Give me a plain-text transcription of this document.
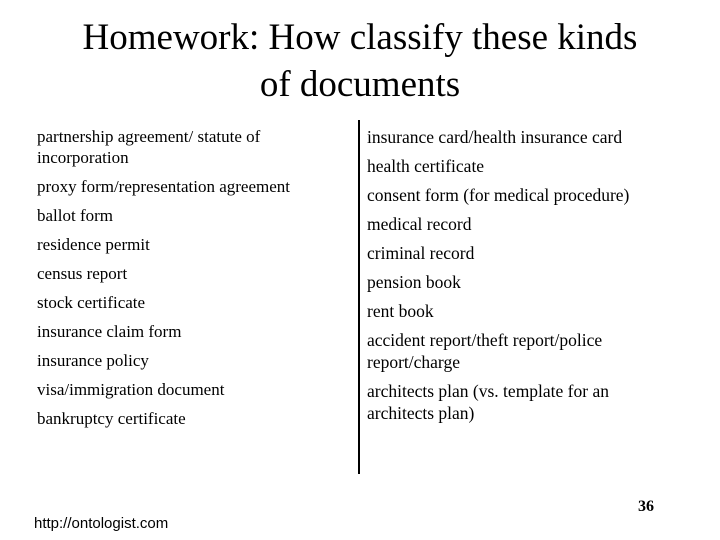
Homework: How classify these kinds
of documents
partnership agreement/ statute of incorporation
proxy form/representation agreement
ballot form
residence permit
census report
stock certificate
insurance claim form
insurance policy
visa/immigration document
bankruptcy certificate
insurance card/health insurance card
health certificate
consent form (for medical procedure)
medical record
criminal record
pension book
rent book
accident report/theft report/police report/charge
architects plan (vs. template for an architects plan)
http://ontologist.com
36
